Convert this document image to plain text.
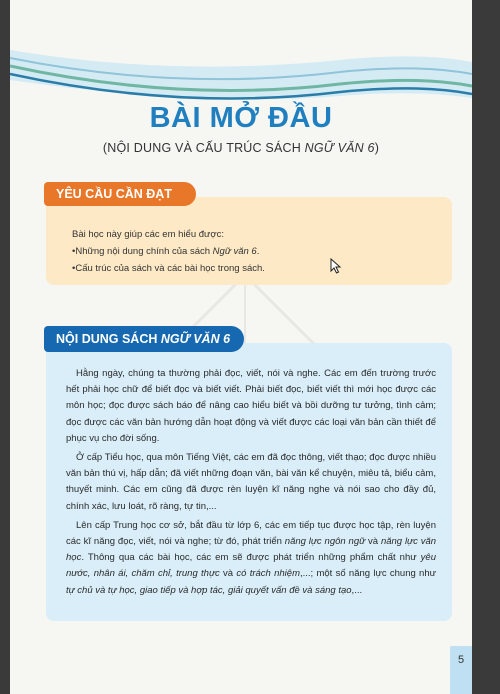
BÀI MỞ ĐẦU
(NỘI DUNG VÀ CẤU TRÚC SÁCH NGỮ VĂN 6)
YÊU CẦU CẦN ĐẠT
Bài học này giúp các em hiểu được:
• Những nội dung chính của sách Ngữ văn 6.
• Cấu trúc của sách và các bài học trong sách.
NỘI DUNG SÁCH NGỮ VĂN 6

Hằng ngày, chúng ta thường phải đọc, viết, nói và nghe. Các em đến trường trước hết phải học chữ để biết đọc và biết viết. Phải biết đọc, biết viết thì mới học được các môn học; đọc được sách báo để nâng cao hiểu biết và bồi dưỡng tư tưởng, tình cảm; đọc được các văn bản hướng dẫn hoạt động và viết được các loại văn bản cần thiết để phục vụ cho đời sống.

Ở cấp Tiểu học, qua môn Tiếng Việt, các em đã đọc thông, viết thạo; đọc được nhiều văn bản thú vị, hấp dẫn; đã viết những đoạn văn, bài văn kể chuyện, miêu tả, biểu cảm, thuyết minh. Các em cũng đã được rèn luyện kĩ năng nghe và nói sao cho đầy đủ, chính xác, lưu loát, rõ ràng, tự tin,...

Lên cấp Trung học cơ sở, bắt đầu từ lớp 6, các em tiếp tục được học tập, rèn luyện các kĩ năng đọc, viết, nói và nghe; từ đó, phát triển năng lực ngôn ngữ và năng lực văn học. Thông qua các bài học, các em sẽ được phát triển những phẩm chất như yêu nước, nhân ái, chăm chỉ, trung thực và có trách nhiệm,...; một số năng lực chung như tự chủ và tự học, giao tiếp và hợp tác, giải quyết vấn đề và sáng tạo,...

5
